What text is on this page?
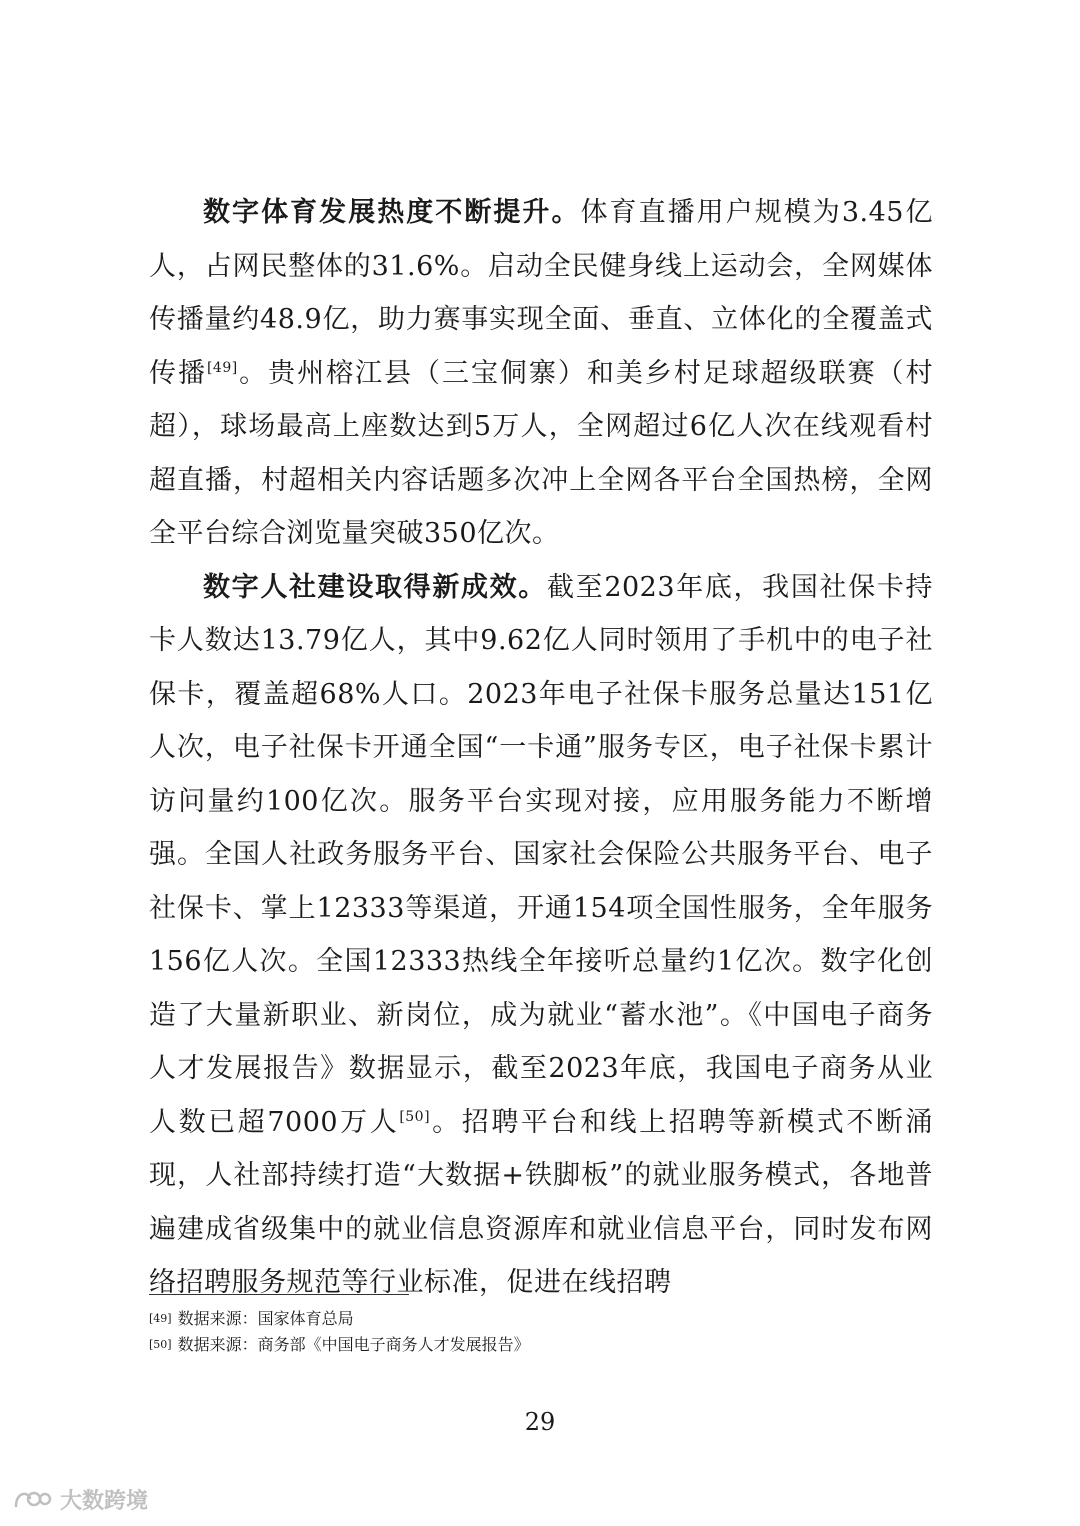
数字体育发展热度不断提升。体育直播用户规模为3.45亿人，占网民整体的31.6%。启动全民健身线上运动会，全网媒体传播量约48.9亿，助力赛事实现全面、垂直、立体化的全覆盖式传播[49]。贵州榕江县（三宝侗寨）和美乡村足球超级联赛（村超），球场最高上座数达到5万人，全网超过6亿人次在线观看村超直播，村超相关内容话题多次冲上全网各平台全国热榜，全网全平台综合浏览量突破350亿次。

数字人社建设取得新成效。截至2023年底，我国社保卡持卡人数达13.79亿人，其中9.62亿人同时领用了手机中的电子社保卡，覆盖超68%人口。2023年电子社保卡服务总量达151亿人次，电子社保卡开通全国“一卡通”服务专区，电子社保卡累计访问量约100亿次。服务平台实现对接，应用服务能力不断增强。全国人社政务服务平台、国家社会保险公共服务平台、电子社保卡、掌上12333等渠道，开通154项全国性服务，全年服务156亿人次。全国12333热线全年接听总量约1亿次。数字化创造了大量新职业、新岗位，成为就业“蓄水池”。《中国电子商务人才发展报告》数据显示，截至2023年底，我国电子商务从业人数已超7000万人[50]。招聘平台和线上招聘等新模式不断涌现，人社部持续打造“大数据+铁脚板”的就业服务模式，各地普遍建成省级集中的就业信息资源库和就业信息平台，同时发布网络招聘服务规范等行业标准，促进在线招聘

[49] 数据来源：国家体育总局
[50] 数据来源：商务部《中国电子商务人才发展报告》
29
大数跨境
